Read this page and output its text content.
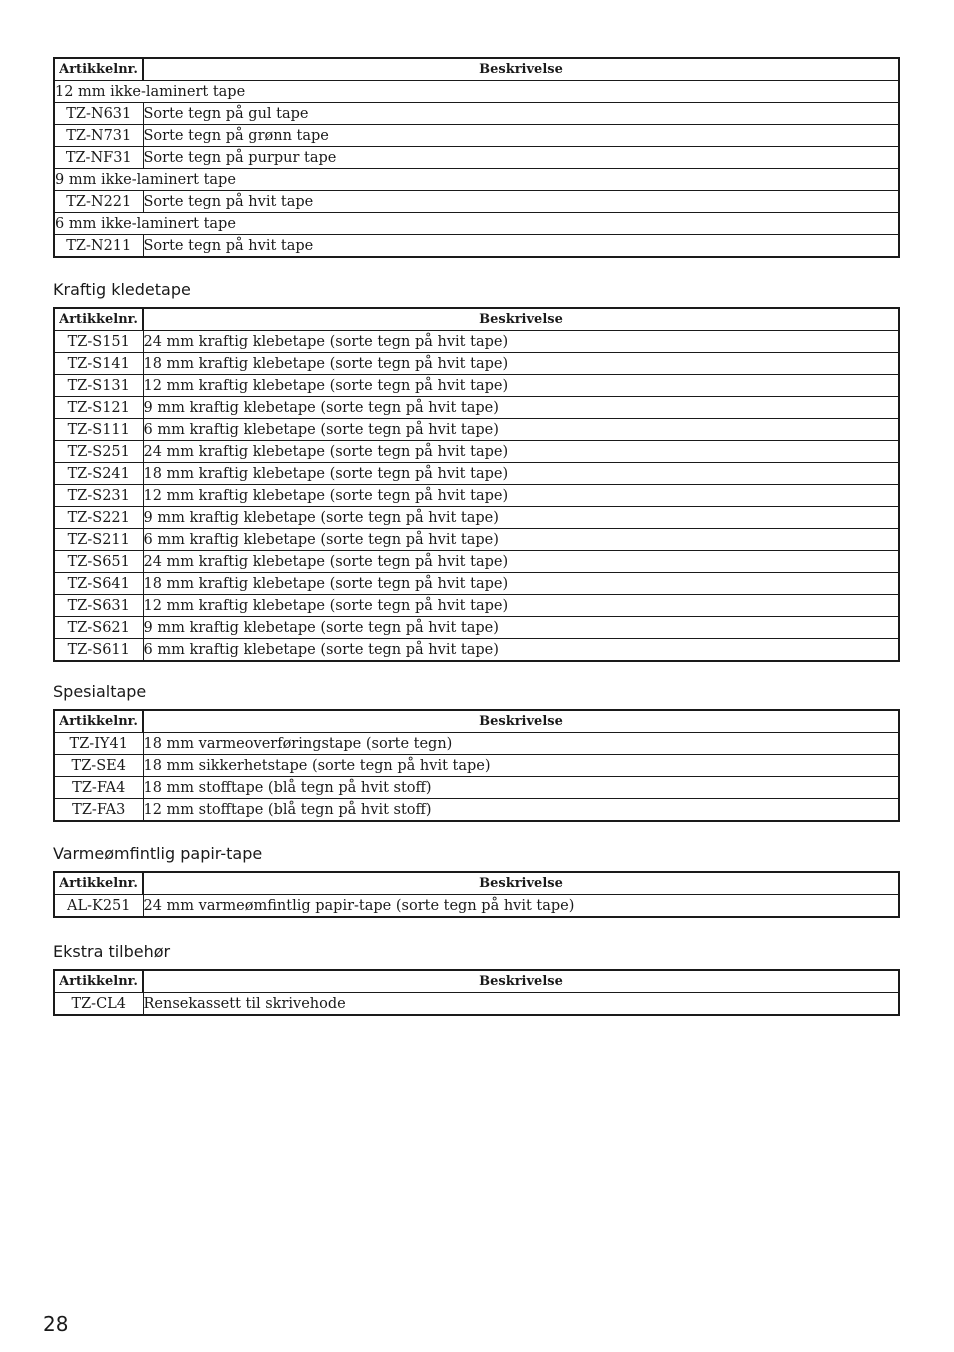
Artikkelnr.	Beskrivelse
12 mm ikke-laminert tape	
TZ-N631	Sorte tegn på gul tape
TZ-N731	Sorte tegn på grønn tape
TZ-NF31	Sorte tegn på purpur tape
9 mm ikke-laminert tape	
TZ-N221	Sorte tegn på hvit tape
6 mm ikke-laminert tape	
TZ-N211	Sorte tegn på hvit tape
Kraftig kledetape
Artikkelnr.	Beskrivelse
TZ-S151	24 mm kraftig klebetape (sorte tegn på hvit tape)
TZ-S141	18 mm kraftig klebetape (sorte tegn på hvit tape)
TZ-S131	12 mm kraftig klebetape (sorte tegn på hvit tape)
TZ-S121	9 mm kraftig klebetape (sorte tegn på hvit tape)
TZ-S111	6 mm kraftig klebetape (sorte tegn på hvit tape)
TZ-S251	24 mm kraftig klebetape (sorte tegn på hvit tape)
TZ-S241	18 mm kraftig klebetape (sorte tegn på hvit tape)
TZ-S231	12 mm kraftig klebetape (sorte tegn på hvit tape)
TZ-S221	9 mm kraftig klebetape (sorte tegn på hvit tape)
TZ-S211	6 mm kraftig klebetape (sorte tegn på hvit tape)
TZ-S651	24 mm kraftig klebetape (sorte tegn på hvit tape)
TZ-S641	18 mm kraftig klebetape (sorte tegn på hvit tape)
TZ-S631	12 mm kraftig klebetape (sorte tegn på hvit tape)
TZ-S621	9 mm kraftig klebetape (sorte tegn på hvit tape)
TZ-S611	6 mm kraftig klebetape (sorte tegn på hvit tape)
Spesialtape
Artikkelnr.	Beskrivelse
TZ-IY41	18 mm varmeoverføringstape (sorte tegn)
TZ-SE4	18 mm sikkerhetstape (sorte tegn på hvit tape)
TZ-FA4	18 mm stofftape (blå tegn på hvit stoff)
TZ-FA3	12 mm stofftape (blå tegn på hvit stoff)
Varmeømfintlig papir-tape
Artikkelnr.	Beskrivelse
AL-K251	24 mm varmeømfintlig papir-tape (sorte tegn på hvit tape)
Ekstra tilbehør
Artikkelnr.	Beskrivelse
TZ-CL4	Rensekassett til skrivehode
28
